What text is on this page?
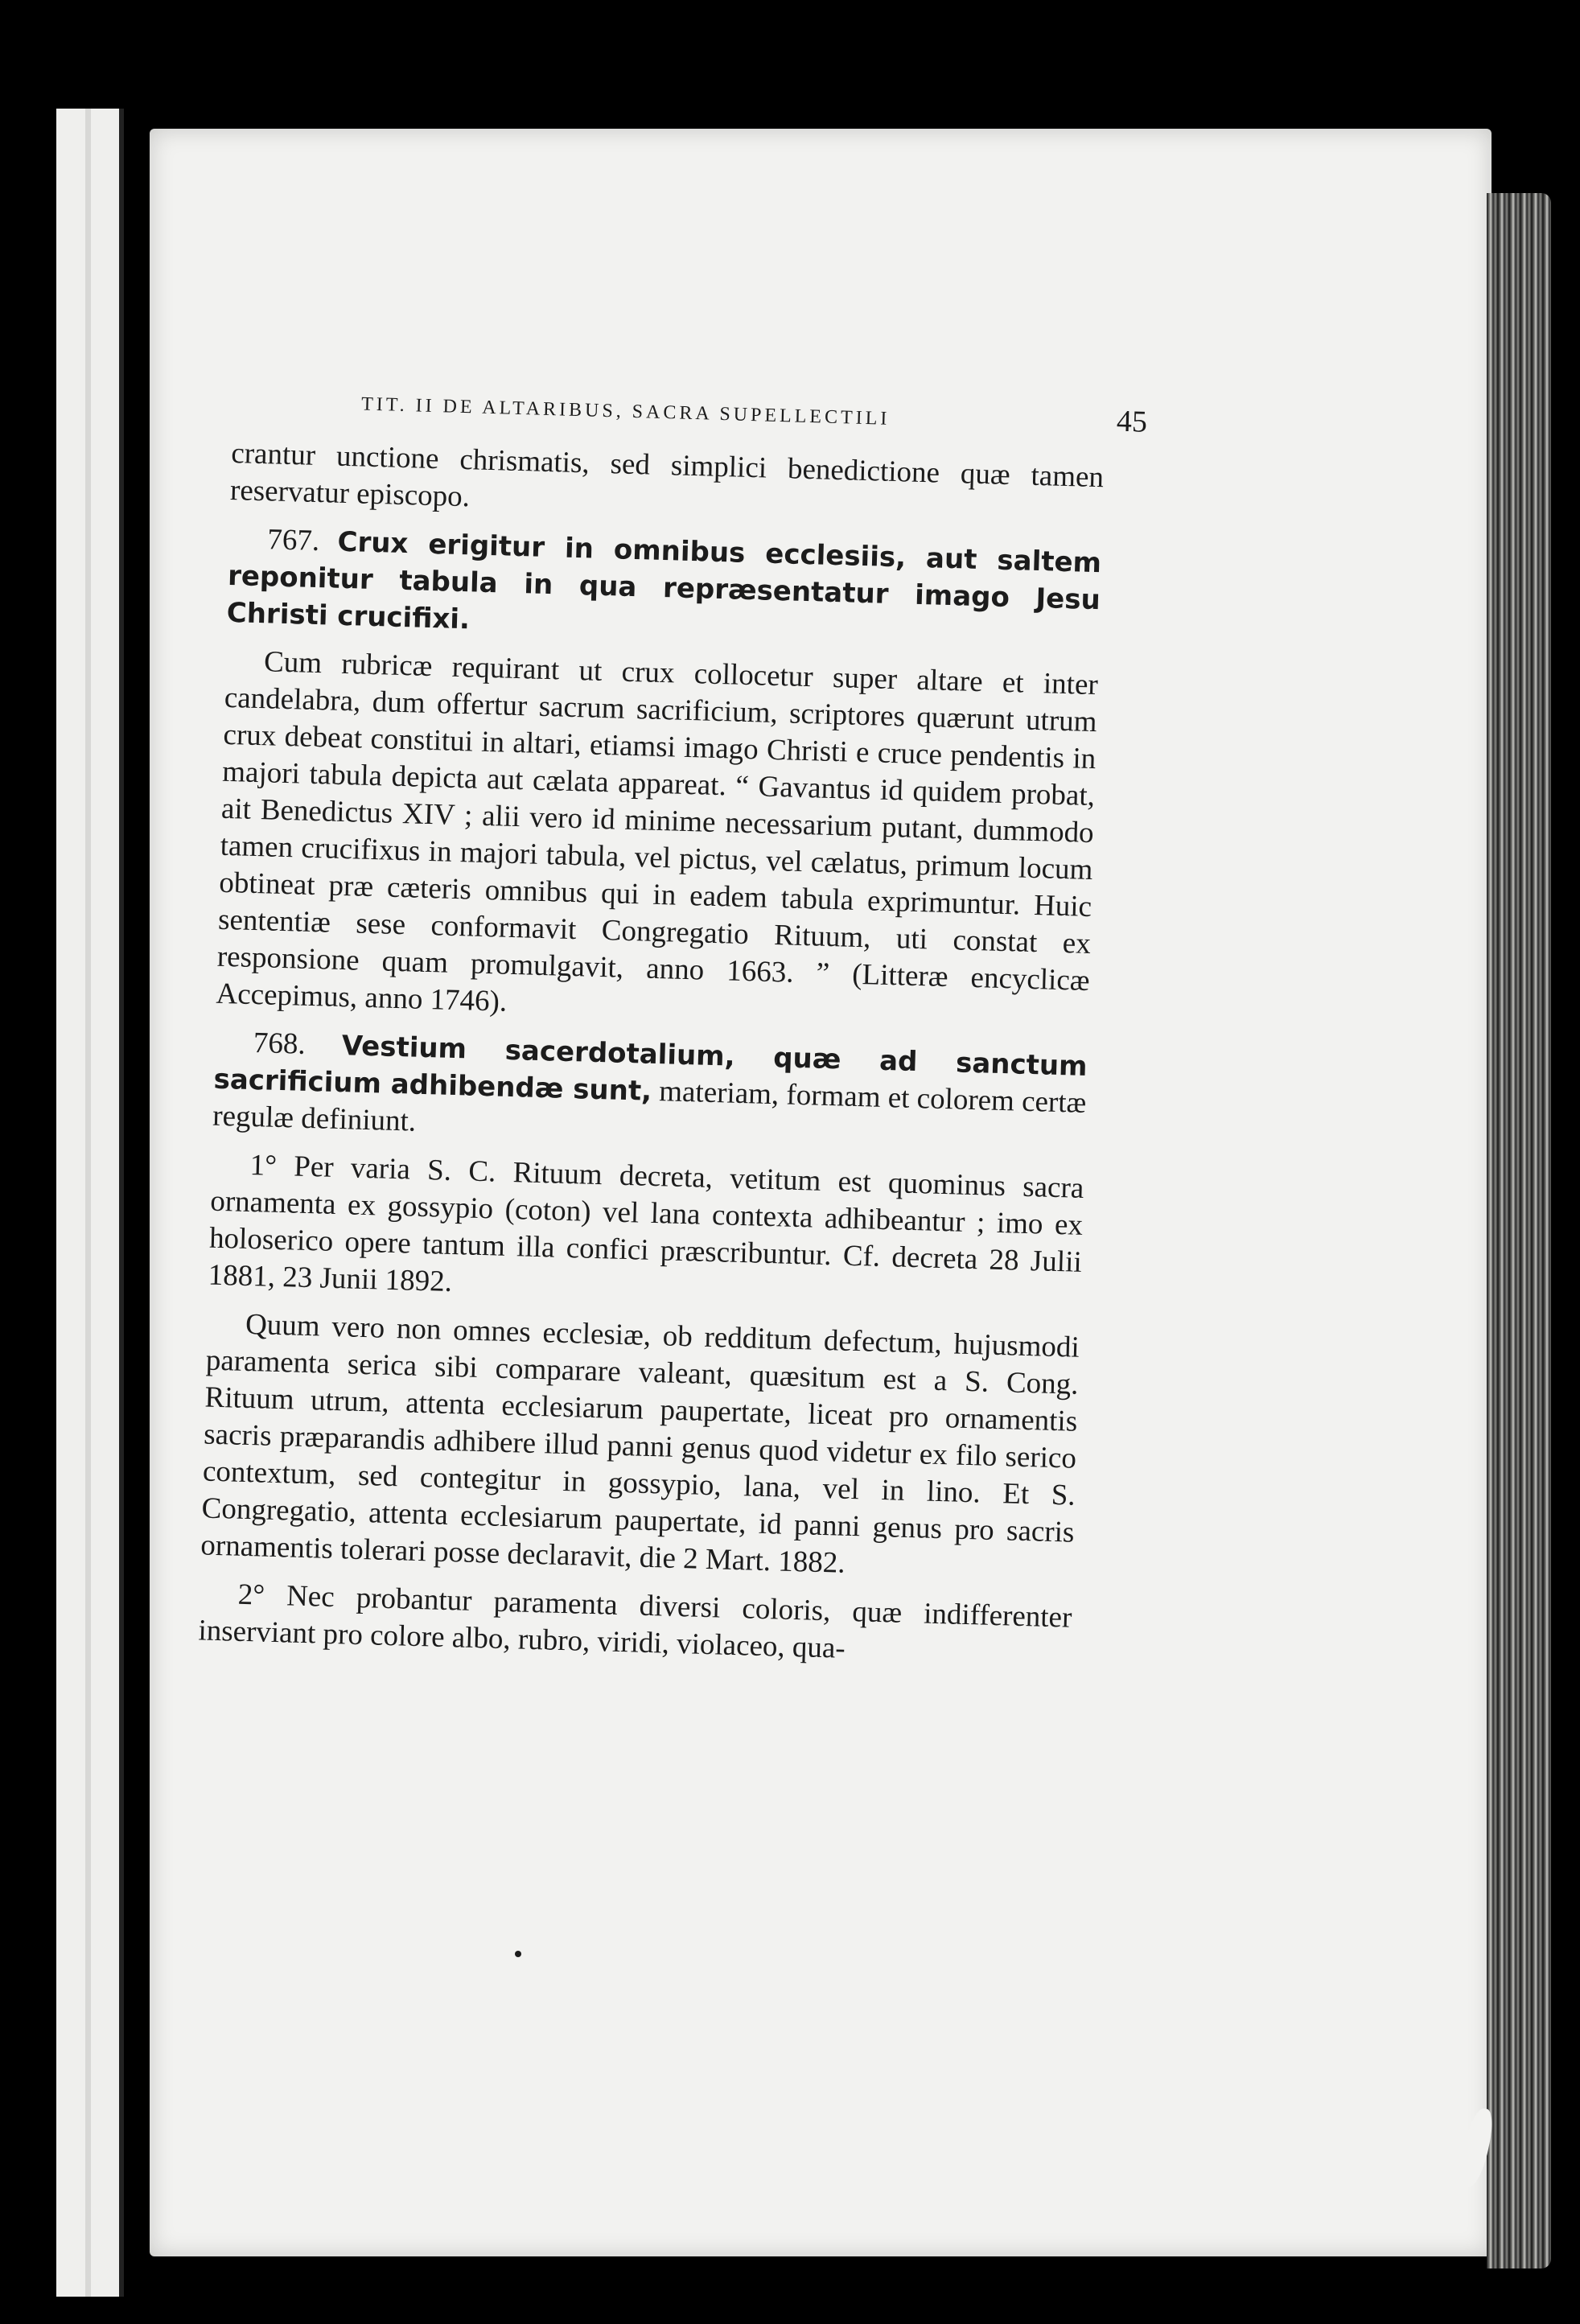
TIT. II DE ALTARIBUS, SACRA SUPELLECTILI	45

crantur unctione chrismatis, sed simplici benedictione quæ tamen reservatur episcopo.

767. Crux erigitur in omnibus ecclesiis, aut saltem reponitur tabula in qua repræsentatur imago Jesu Christi crucifixi.

Cum rubricæ requirant ut crux collocetur super altare et inter candelabra, dum offertur sacrum sacrificium, scriptores quærunt utrum crux debeat constitui in altari, etiamsi imago Christi e cruce pendentis in majori tabula depicta aut cælata appareat. “ Gavantus id quidem probat, ait Benedictus XIV ; alii vero id minime necessarium putant, dummodo tamen crucifixus in majori tabula, vel pictus, vel cælatus, primum locum obtineat præ cæteris omnibus qui in eadem tabula exprimuntur. Huic sententiæ sese conformavit Congregatio Rituum, uti constat ex responsione quam promulgavit, anno 1663. ” (Litteræ encyclicæ Accepimus, anno 1746).

768. Vestium sacerdotalium, quæ ad sanctum sacrificium adhibendæ sunt, materiam, formam et colorem certæ regulæ definiunt.

1° Per varia S. C. Rituum decreta, vetitum est quominus sacra ornamenta ex gossypio (coton) vel lana contexta adhibeantur ; imo ex holoserico opere tantum illa confici præscribuntur. Cf. decreta 28 Julii 1881, 23 Junii 1892.

Quum vero non omnes ecclesiæ, ob redditum defectum, hujusmodi paramenta serica sibi comparare valeant, quæsitum est a S. Cong. Rituum utrum, attenta ecclesiarum paupertate, liceat pro ornamentis sacris præparandis adhibere illud panni genus quod videtur ex filo serico contextum, sed contegitur in gossypio, lana, vel in lino. Et S. Congregatio, attenta ecclesiarum paupertate, id panni genus pro sacris ornamentis tolerari posse declaravit, die 2 Mart. 1882.

2° Nec probantur paramenta diversi coloris, quæ indifferenter inserviant pro colore albo, rubro, viridi, violaceo, qua-
